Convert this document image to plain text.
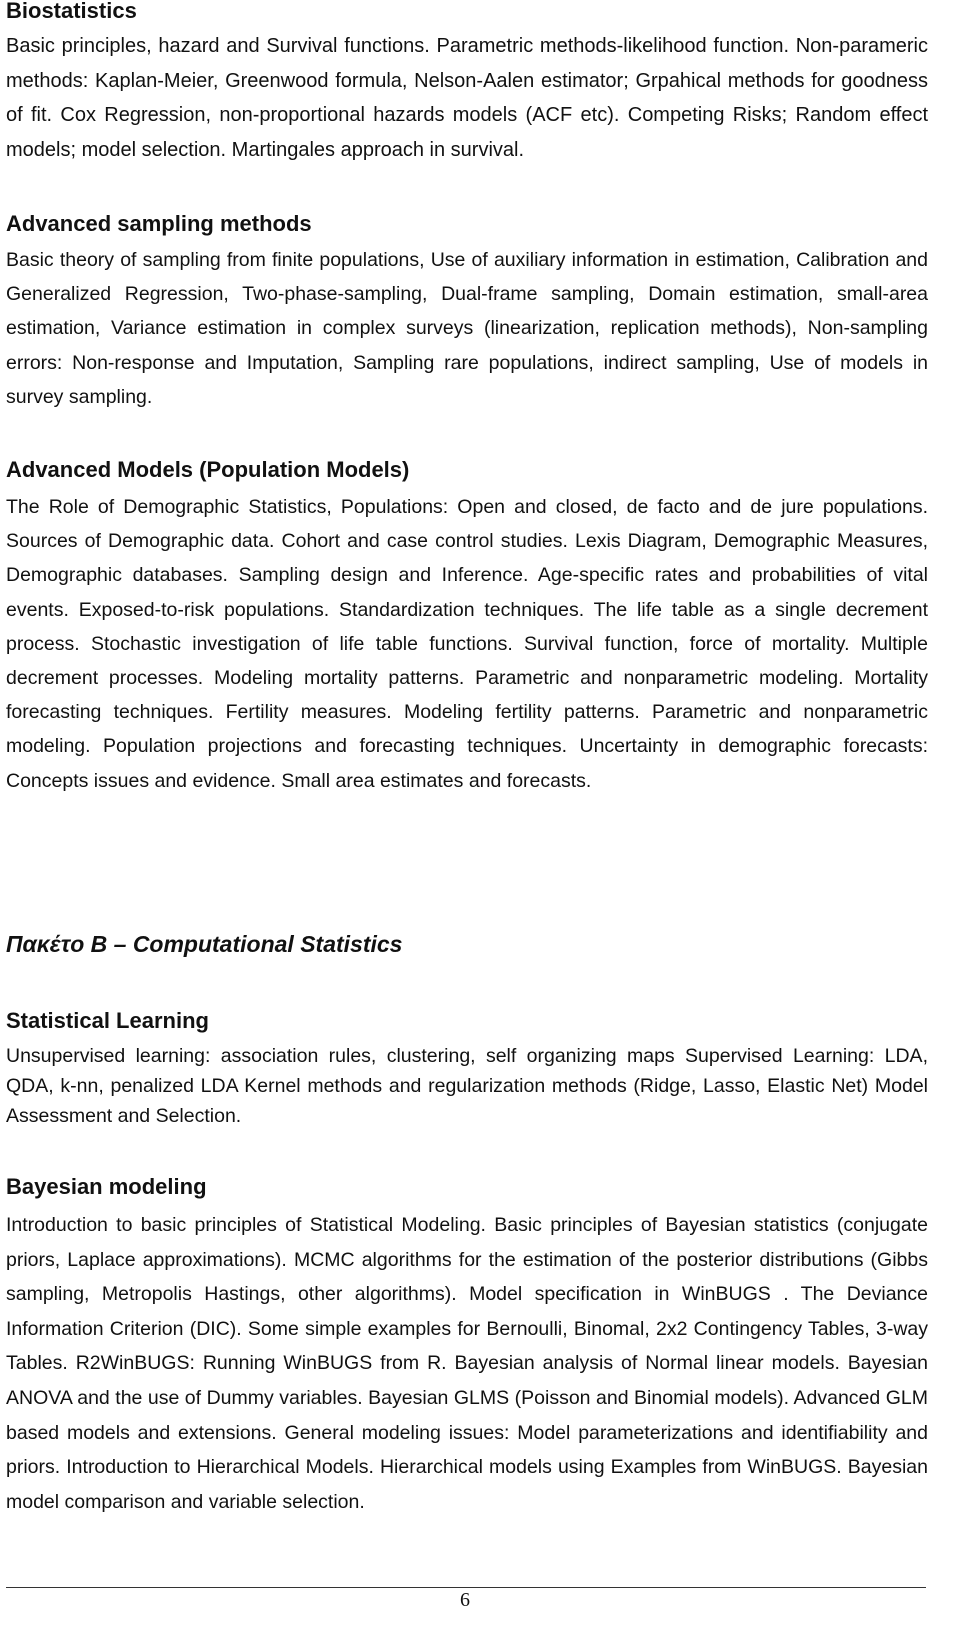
Biostatistics

Basic principles, hazard and Survival functions. Parametric methods-likelihood function. Non-parameric methods: Kaplan-Meier, Greenwood formula, Nelson-Aalen estimator; Grpahical methods for goodness of fit. Cox Regression, non-proportional hazards models (ACF etc). Competing Risks; Random effect models; model selection. Martingales approach in survival.

Advanced sampling methods

Basic theory of sampling from finite populations, Use of auxiliary information in estimation, Calibration and Generalized Regression, Two-phase-sampling, Dual-frame sampling, Domain estimation, small-area estimation, Variance estimation in complex surveys (linearization, replication methods), Non-sampling errors: Non-response and Imputation, Sampling rare populations, indirect sampling, Use of models in survey sampling.

Advanced Models (Population Models)

The Role of Demographic Statistics, Populations: Open and closed, de facto and de jure populations. Sources of Demographic data. Cohort and case control studies. Lexis Diagram, Demographic Measures, Demographic databases. Sampling design and Inference. Age-specific rates and probabilities of vital events. Exposed-to-risk populations. Standardization techniques. The life table as a single decrement process. Stochastic investigation of life table functions. Survival function, force of mortality. Multiple decrement processes. Modeling mortality patterns. Parametric and nonparametric modeling. Mortality forecasting techniques. Fertility measures. Modeling fertility patterns. Parametric and nonparametric modeling. Population projections and forecasting techniques. Uncertainty in demographic forecasts: Concepts issues and evidence. Small area estimates and forecasts.

Πακέτο Β – Computational Statistics
Statistical Learning

Unsupervised learning: association rules, clustering, self organizing maps Supervised Learning: LDA, QDA, k-nn, penalized LDA Kernel methods and regularization methods (Ridge, Lasso, Elastic Net) Model Assessment and Selection.

Bayesian modeling

Introduction to basic principles of Statistical Modeling. Basic principles of Bayesian statistics (conjugate priors, Laplace approximations). MCMC algorithms for the estimation of the posterior distributions (Gibbs sampling, Metropolis Hastings, other algorithms). Model specification in WinBUGS . The Deviance Information Criterion (DIC). Some simple examples for Bernoulli, Binomal, 2x2 Contingency Tables, 3-way Tables. R2WinBUGS: Running WinBUGS from R. Bayesian analysis of Normal linear models. Bayesian ANOVA and the use of Dummy variables. Bayesian GLMS (Poisson and Binomial models). Advanced GLM based models and extensions. General modeling issues: Model parameterizations and identifiability and priors. Introduction to Hierarchical Models. Hierarchical models using Examples from WinBUGS. Bayesian model comparison and variable selection.

6
